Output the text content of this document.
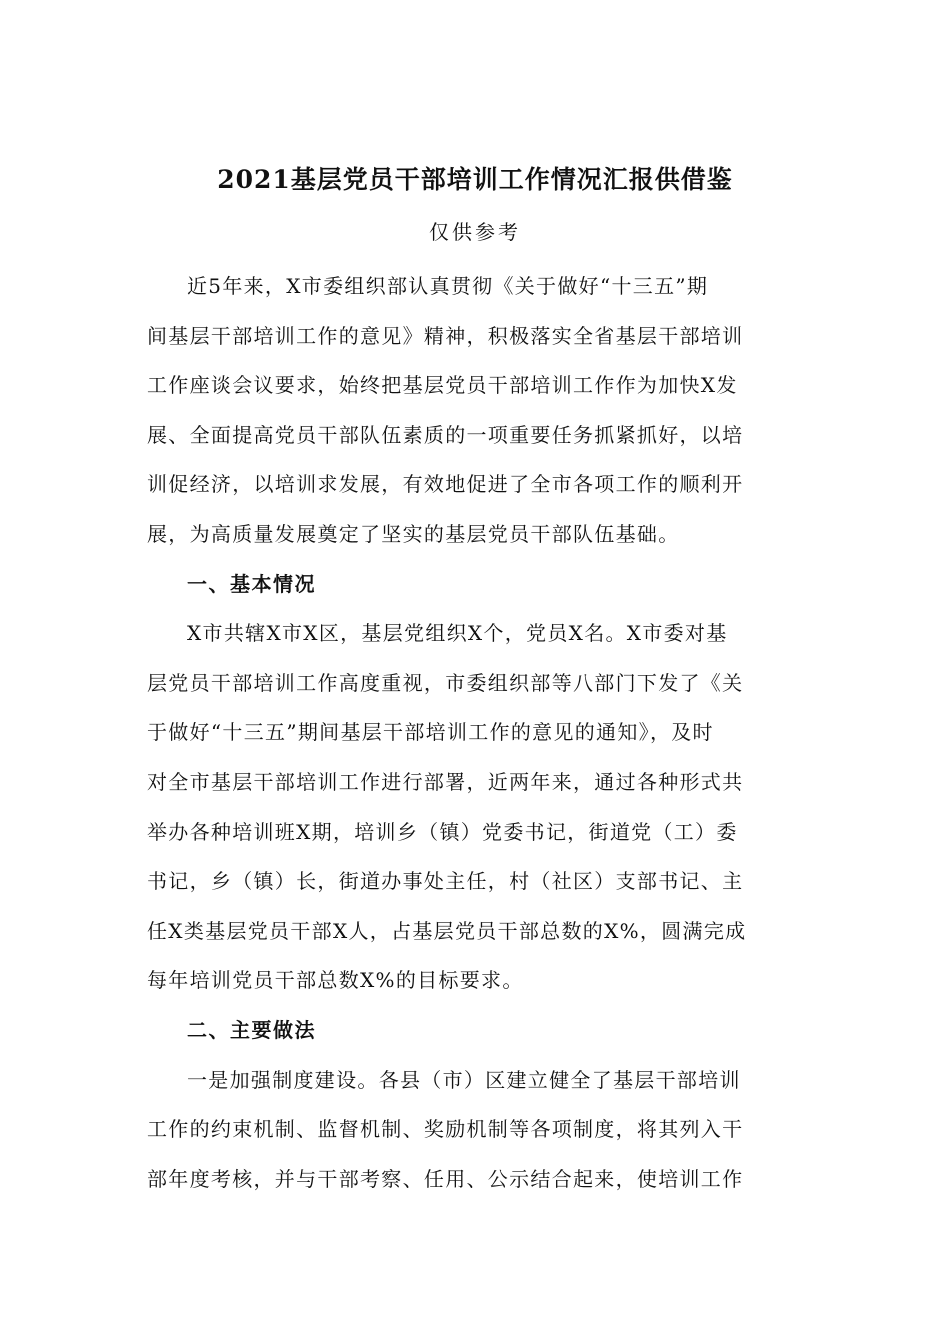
2021基层党员干部培训工作情况汇报供借鉴
仅供参考

近5年来，X市委组织部认真贯彻《关于做好“十三五”期
间基层干部培训工作的意见》精神，积极落实全省基层干部培训
工作座谈会议要求，始终把基层党员干部培训工作作为加快X发
展、全面提高党员干部队伍素质的一项重要任务抓紧抓好，以培
训促经济，以培训求发展，有效地促进了全市各项工作的顺利开
展，为高质量发展奠定了坚实的基层党员干部队伍基础。

一、基本情况

X市共辖X市X区，基层党组织X个，党员X名。X市委对基
层党员干部培训工作高度重视，市委组织部等八部门下发了《关
于做好“十三五”期间基层干部培训工作的意见的通知》，及时
对全市基层干部培训工作进行部署，近两年来，通过各种形式共
举办各种培训班X期，培训乡（镇）党委书记，街道党（工）委
书记，乡（镇）长，街道办事处主任，村（社区）支部书记、主
任X类基层党员干部X人，占基层党员干部总数的X%，圆满完成
每年培训党员干部总数X%的目标要求。

二、主要做法

一是加强制度建设。各县（市）区建立健全了基层干部培训
工作的约束机制、监督机制、奖励机制等各项制度，将其列入干
部年度考核，并与干部考察、任用、公示结合起来，使培训工作
